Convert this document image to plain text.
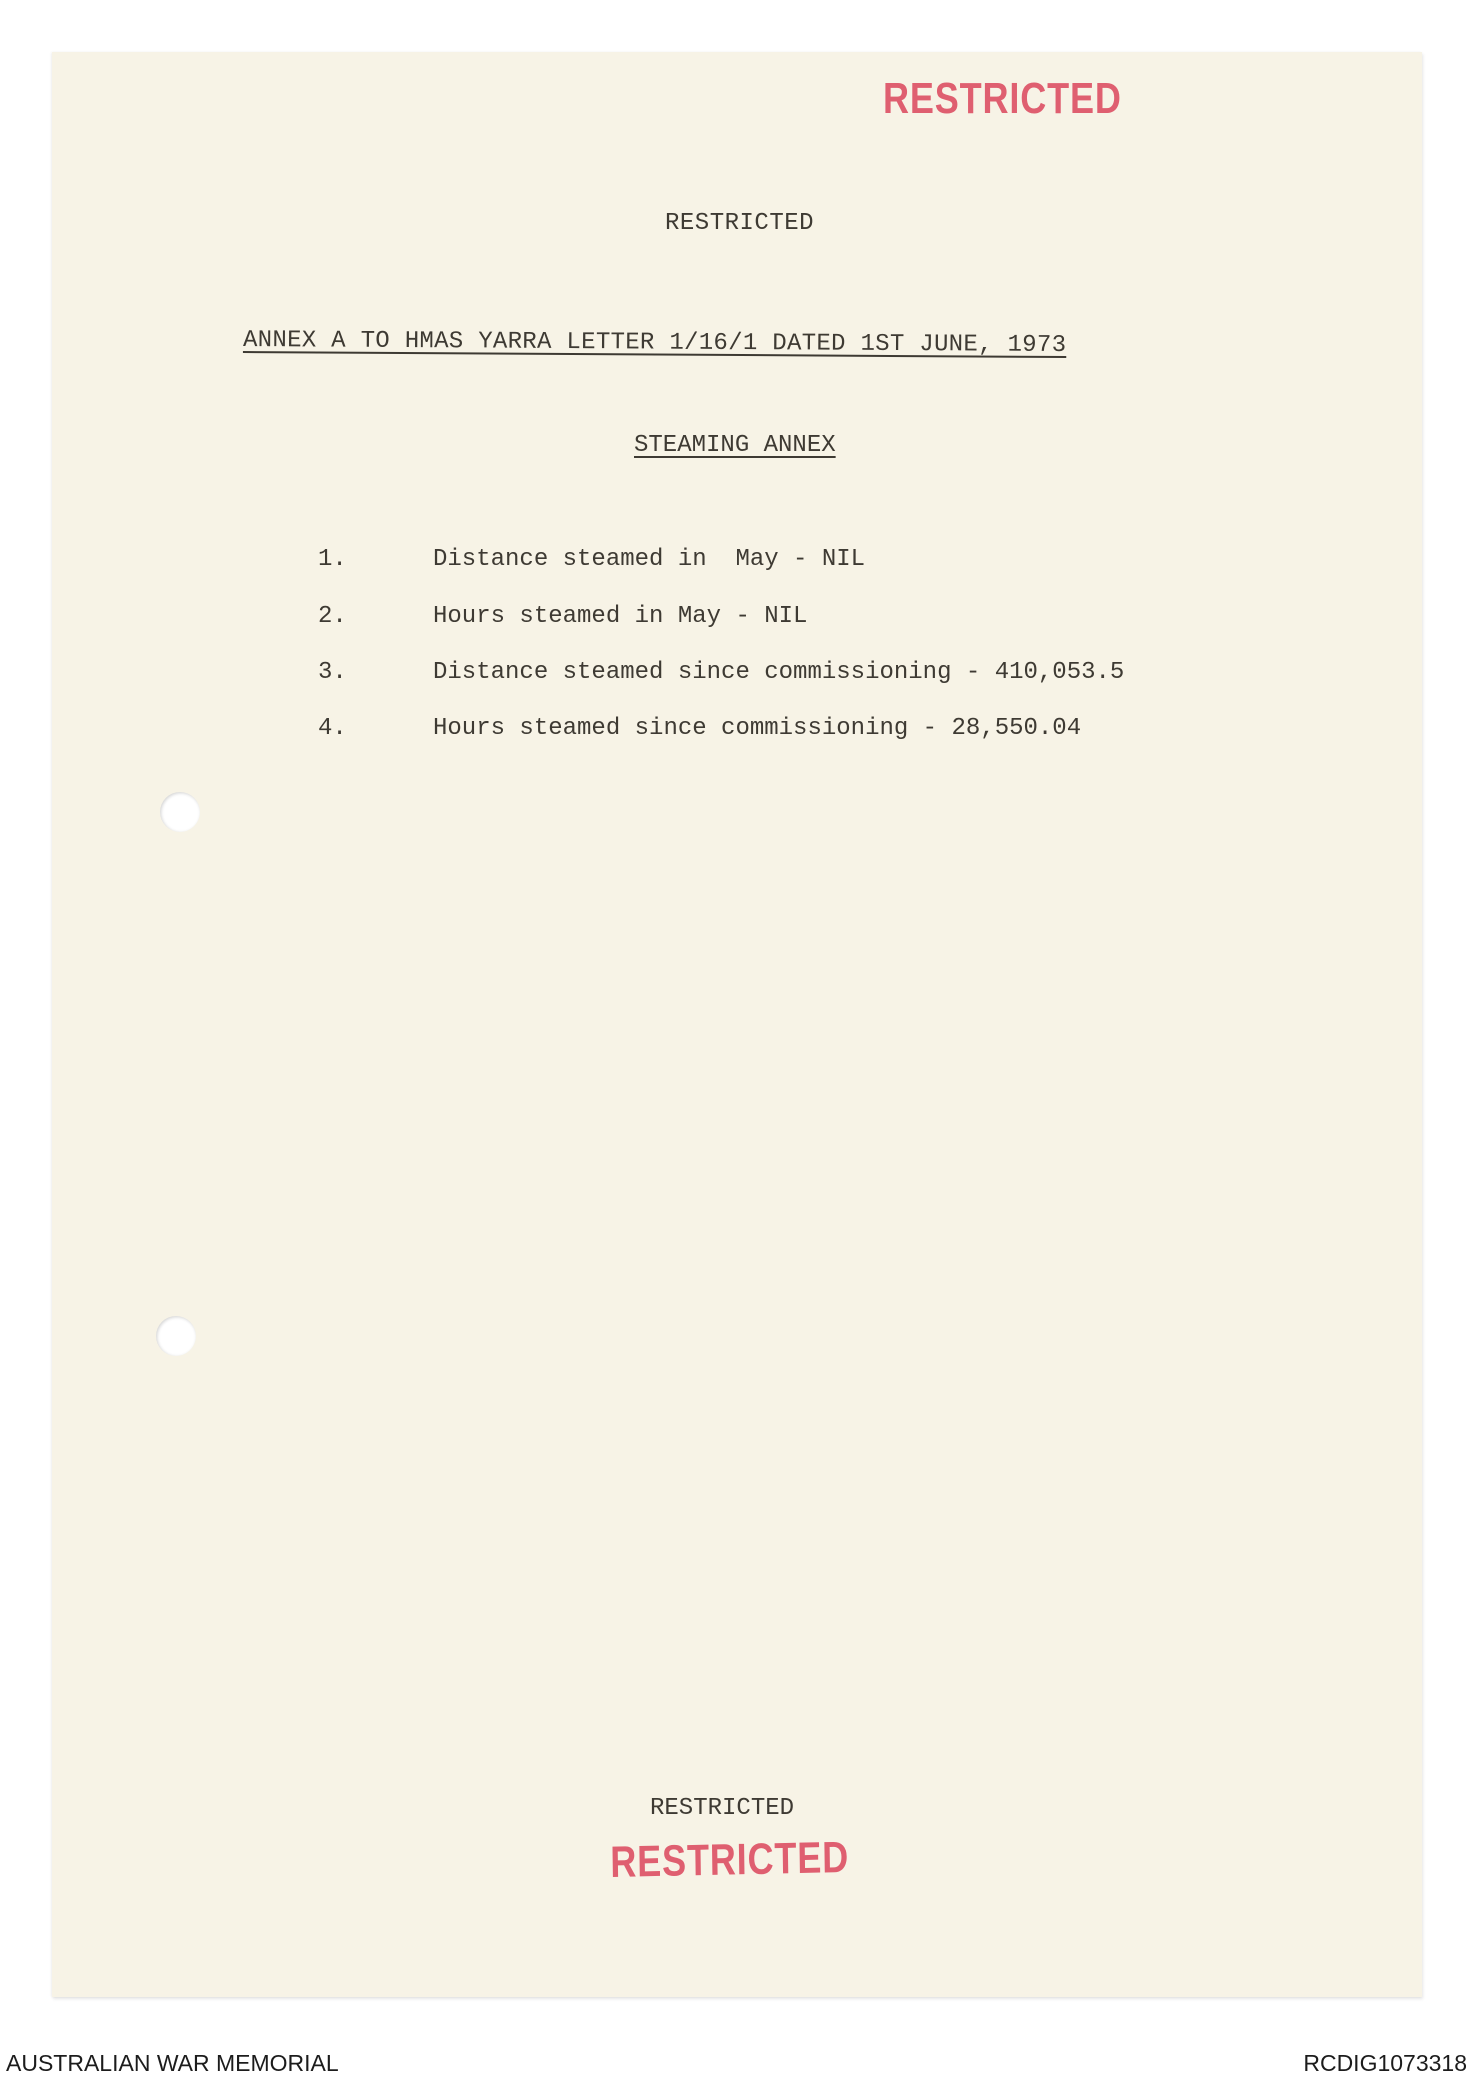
RESTRICTED
RESTRICTED
ANNEX A TO HMAS YARRA LETTER 1/16/1 DATED 1ST JUNE, 1973
STEAMING ANNEX
1.	Distance steamed in  May - NIL
2.	Hours steamed in May - NIL
3.	Distance steamed since commissioning - 410,053.5
4.	Hours steamed since commissioning - 28,550.04
RESTRICTED
RESTRICTED
AUSTRALIAN WAR MEMORIAL	RCDIG1073318
